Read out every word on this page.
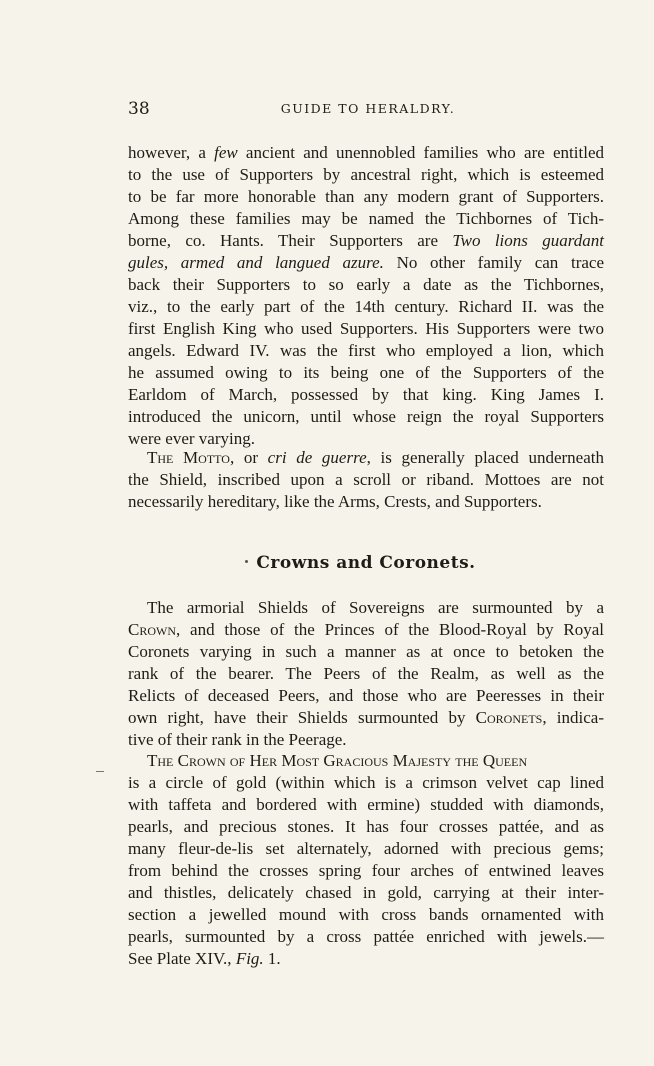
38	GUIDE TO HERALDRY.
however, a few ancient and unennobled families who are entitled
to the use of Supporters by ancestral right, which is esteemed
to be far more honorable than any modern grant of Supporters.
Among these families may be named the Tichbornes of Tich-
borne, co. Hants. Their Supporters are Two lions guardant
gules, armed and langued azure. No other family can trace
back their Supporters to so early a date as the Tichbornes,
viz., to the early part of the 14th century. Richard II. was the
first English King who used Supporters. His Supporters were two
angels. Edward IV. was the first who employed a lion, which
he assumed owing to its being one of the Supporters of the
Earldom of March, possessed by that king. King James I.
introduced the unicorn, until whose reign the royal Supporters
were ever varying.
The Motto, or cri de guerre, is generally placed underneath
the Shield, inscribed upon a scroll or riband. Mottoes are not
necessarily hereditary, like the Arms, Crests, and Supporters.
Crowns and Coronets.
The armorial Shields of Sovereigns are surmounted by a
Crown, and those of the Princes of the Blood-Royal by Royal
Coronets varying in such a manner as at once to betoken the
rank of the bearer. The Peers of the Realm, as well as the
Relicts of deceased Peers, and those who are Peeresses in their
own right, have their Shields surmounted by Coronets, indica-
tive of their rank in the Peerage.
The Crown of Her Most Gracious Majesty the Queen
is a circle of gold (within which is a crimson velvet cap lined
with taffeta and bordered with ermine) studded with diamonds,
pearls, and precious stones. It has four crosses pattée, and as
many fleur-de-lis set alternately, adorned with precious gems;
from behind the crosses spring four arches of entwined leaves
and thistles, delicately chased in gold, carrying at their inter-
section a jewelled mound with cross bands ornamented with
pearls, surmounted by a cross pattée enriched with jewels.—
See Plate XIV., Fig. 1.
